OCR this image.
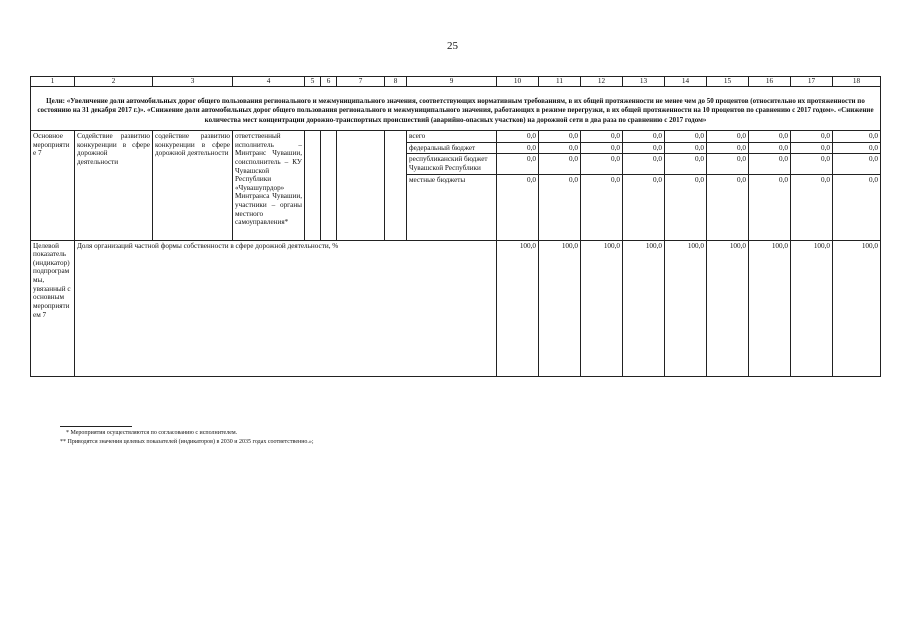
25
1	2	3	4	5	6	7	8	9	10	11	12	13	14	15	16	17	18
Цели: «Увеличение доли автомобильных дорог общего пользования регионального и межмуниципального значения, соответствующих нормативным требованиям, в их общей протяженности не менее чем до 50 процентов (относительно их протяженности по состоянию на 31 декабря 2017 г.)». «Снижение доли автомобильных дорог общего пользования регионального и межмуниципального значения, работающих в режиме перегрузки, в их общей протяженности на 10 процентов по сравнению с 2017 годом». «Снижение количества мест концентрации дорожно-транспортных происшествий (аварийно-опасных участков) на дорожной сети в два раза по сравнению с 2017 годом»																	
Основное мероприятие 7	Содействие развитию конкуренции в сфере дорожной деятельности	содействие развитию конкуренции в сфере дорожной деятельности	ответственный исполнитель – Минтранс Чувашии, соисполнитель – КУ Чувашской Республики «Чувашупрдор» Минтранса Чувашии, участники – органы местного самоуправления*					всего	0,0	0,0	0,0	0,0	0,0	0,0	0,0	0,0	0,0
								федеральный бюджет	0,0	0,0	0,0	0,0	0,0	0,0	0,0	0,0	0,0
								республиканский бюджет Чувашской Республики	0,0	0,0	0,0	0,0	0,0	0,0	0,0	0,0	0,0
								местные бюджеты	0,0	0,0	0,0	0,0	0,0	0,0	0,0	0,0	0,0
Целевой показатель (индикатор) подпрограммы, увязанный с основным мероприятием 7	Доля организаций частной формы собственности в сфере дорожной деятельности, %								100,0	100,0	100,0	100,0	100,0	100,0	100,0	100,0	100,0
* Мероприятия осуществляются по согласованию с исполнителем.
** Приводятся значения целевых показателей (индикаторов) в 2030 и 2035 годах соответственно.»;
